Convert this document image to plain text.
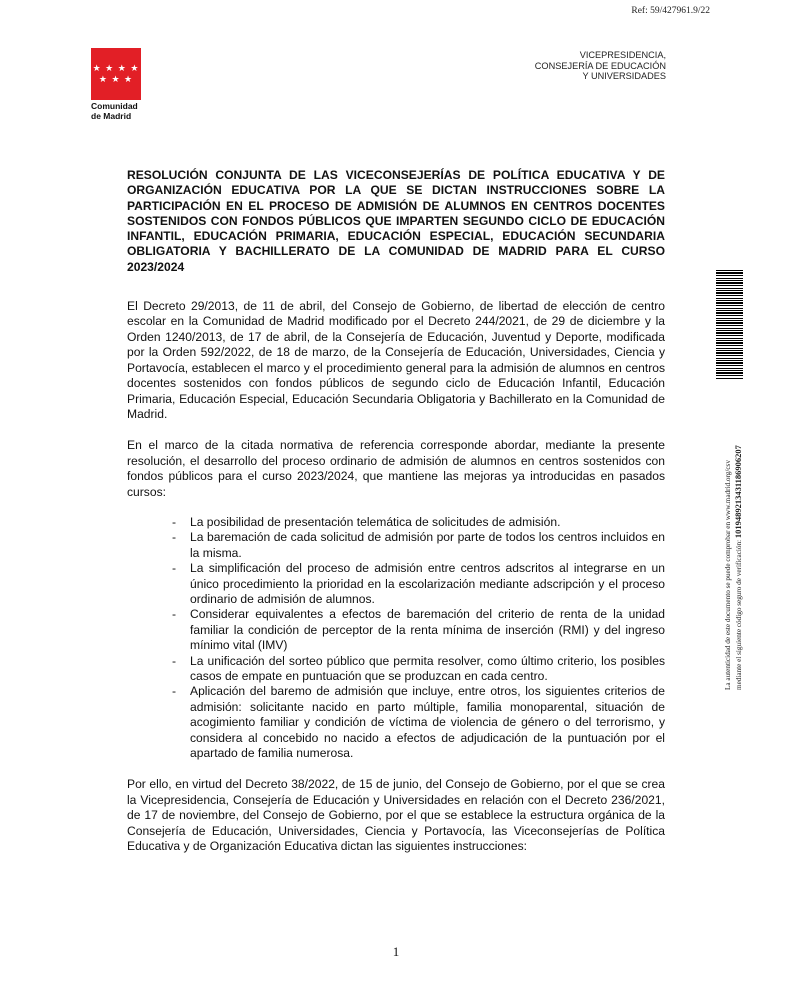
Ref: 59/427961.9/22
★ ★ ★ ★
★ ★ ★
Comunidad
de Madrid
VICEPRESIDENCIA,
CONSEJERÍA DE EDUCACIÓN
Y UNIVERSIDADES
RESOLUCIÓN CONJUNTA DE LAS VICECONSEJERÍAS DE POLÍTICA EDUCATIVA Y DE ORGANIZACIÓN EDUCATIVA POR LA QUE SE DICTAN INSTRUCCIONES SOBRE LA PARTICIPACIÓN EN EL PROCESO DE ADMISIÓN DE ALUMNOS EN CENTROS DOCENTES SOSTENIDOS CON FONDOS PÚBLICOS QUE IMPARTEN SEGUNDO CICLO DE EDUCACIÓN INFANTIL, EDUCACIÓN PRIMARIA, EDUCACIÓN ESPECIAL, EDUCACIÓN SECUNDARIA OBLIGATORIA Y BACHILLERATO DE LA COMUNIDAD DE MADRID PARA EL CURSO 2023/2024

El Decreto 29/2013, de 11 de abril, del Consejo de Gobierno, de libertad de elección de centro escolar en la Comunidad de Madrid modificado por el Decreto 244/2021, de 29 de diciembre y la Orden 1240/2013, de 17 de abril, de la Consejería de Educación, Juventud y Deporte, modificada por la Orden 592/2022, de 18 de marzo, de la Consejería de Educación, Universidades, Ciencia y Portavocía, establecen el marco y el procedimiento general para la admisión de alumnos en centros docentes sostenidos con fondos públicos de segundo ciclo de Educación Infantil, Educación Primaria, Educación Especial, Educación Secundaria Obligatoria y Bachillerato en la Comunidad de Madrid.

En el marco de la citada normativa de referencia corresponde abordar, mediante la presente resolución, el desarrollo del proceso ordinario de admisión de alumnos en centros sostenidos con fondos públicos para el curso 2023/2024, que mantiene las mejoras ya introducidas en pasados cursos:

- La posibilidad de presentación telemática de solicitudes de admisión.
- La baremación de cada solicitud de admisión por parte de todos los centros incluidos en la misma.
- La simplificación del proceso de admisión entre centros adscritos al integrarse en un único procedimiento la prioridad en la escolarización mediante adscripción y el proceso ordinario de admisión de alumnos.
- Considerar equivalentes a efectos de baremación del criterio de renta de la unidad familiar la condición de perceptor de la renta mínima de inserción (RMI) y del ingreso mínimo vital (IMV)
- La unificación del sorteo público que permita resolver, como último criterio, los posibles casos de empate en puntuación que se produzcan en cada centro.
- Aplicación del baremo de admisión que incluye, entre otros, los siguientes criterios de admisión: solicitante nacido en parto múltiple, familia monoparental, situación de acogimiento familiar y condición de víctima de violencia de género o del terrorismo, y considera al concebido no nacido a efectos de adjudicación de la puntuación por el apartado de familia numerosa.

Por ello, en virtud del Decreto 38/2022, de 15 de junio, del Consejo de Gobierno, por el que se crea la Vicepresidencia, Consejería de Educación y Universidades en relación con el Decreto 236/2021, de 17 de noviembre, del Consejo de Gobierno, por el que se establece la estructura orgánica de la Consejería de Educación, Universidades, Ciencia y Portavocía, las Viceconsejerías de Política Educativa y de Organización Educativa dictan las siguientes instrucciones:

La autenticidad de este documento se puede comprobar en www.madrid.org/csv mediante el siguiente código seguro de verificación: 1019489213431186906207
1
